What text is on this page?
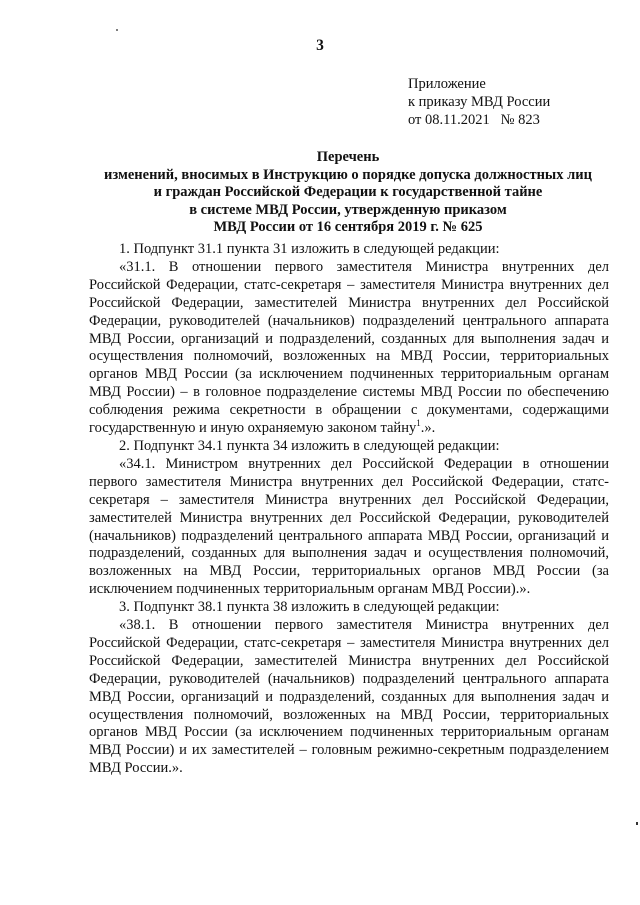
3
Приложение
к приказу МВД России
от 08.11.2021   № 823
Перечень
изменений, вносимых в Инструкцию о порядке допуска должностных лиц
и граждан Российской Федерации к государственной тайне
в системе МВД России, утвержденную приказом
МВД России от 16 сентября 2019 г. № 625

1. Подпункт 31.1 пункта 31 изложить в следующей редакции:

«31.1. В отношении первого заместителя Министра внутренних дел Российской Федерации, статс-секретаря – заместителя Министра внутренних дел Российской Федерации, заместителей Министра внутренних дел Российской Федерации, руководителей (начальников) подразделений центрального аппарата МВД России, организаций и подразделений, созданных для выполнения задач и осуществления полномочий, возложенных на МВД России, территориальных органов МВД России (за исключением подчиненных территориальным органам МВД России) – в головное подразделение системы МВД России по обеспечению соблюдения режима секретности в обращении с документами, содержащими государственную и иную охраняемую законом тайну$^1$.».

2. Подпункт 34.1 пункта 34 изложить в следующей редакции:

«34.1. Министром внутренних дел Российской Федерации в отношении первого заместителя Министра внутренних дел Российской Федерации, статс-секретаря – заместителя Министра внутренних дел Российской Федерации, заместителей Министра внутренних дел Российской Федерации, руководителей (начальников) подразделений центрального аппарата МВД России, организаций и подразделений, созданных для выполнения задач и осуществления полномочий, возложенных на МВД России, территориальных органов МВД России (за исключением подчиненных территориальным органам МВД России).».

3. Подпункт 38.1 пункта 38 изложить в следующей редакции:

«38.1. В отношении первого заместителя Министра внутренних дел Российской Федерации, статс-секретаря – заместителя Министра внутренних дел Российской Федерации, заместителей Министра внутренних дел Российской Федерации, руководителей (начальников) подразделений центрального аппарата МВД России, организаций и подразделений, созданных для выполнения задач и осуществления полномочий, возложенных на МВД России, территориальных органов МВД России (за исключением подчиненных территориальным органам МВД России) и их заместителей – головным режимно-секретным подразделением МВД России.».
